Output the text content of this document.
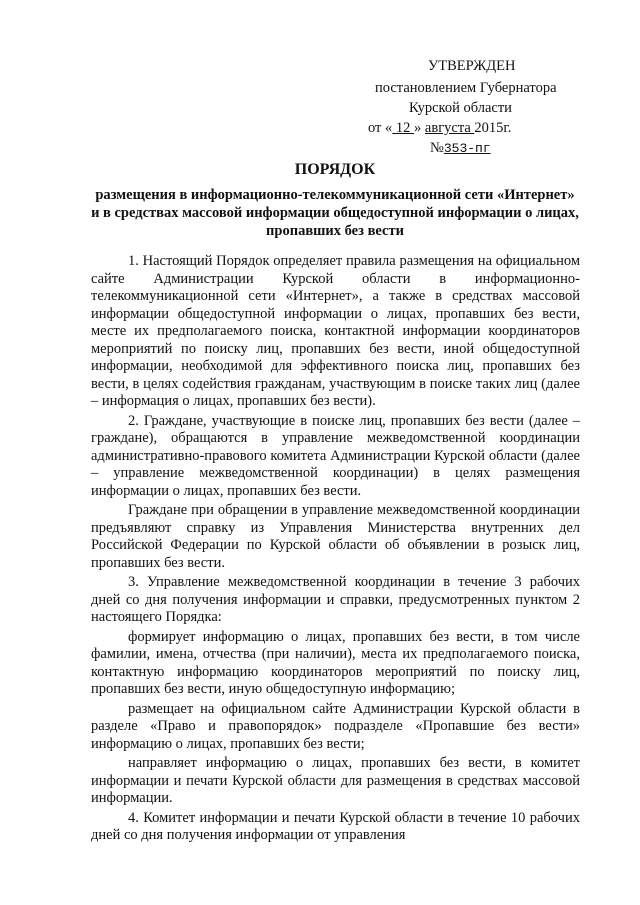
УТВЕРЖДЕН
постановлением Губернатора
Курской области
от « 12 » августа 2015г.
№353-пг
ПОРЯДОК
размещения в информационно-телекоммуникационной сети «Интернет» и в средствах массовой информации общедоступной информации о лицах, пропавших без вести

1. Настоящий Порядок определяет правила размещения на официальном сайте Администрации Курской области в информационно-телекоммуникационной сети «Интернет», а также в средствах массовой информации общедоступной информации о лицах, пропавших без вести, месте их предполагаемого поиска, контактной информации координаторов мероприятий по поиску лиц, пропавших без вести, иной общедоступной информации, необходимой для эффективного поиска лиц, пропавших без вести, в целях содействия гражданам, участвующим в поиске таких лиц (далее – информация о лицах, пропавших без вести).

2. Граждане, участвующие в поиске лиц, пропавших без вести (далее – граждане), обращаются в управление межведомственной координации административно-правового комитета Администрации Курской области (далее – управление межведомственной координации) в целях размещения информации о лицах, пропавших без вести.

Граждане при обращении в управление межведомственной координации предъявляют справку из Управления Министерства внутренних дел Российской Федерации по Курской области об объявлении в розыск лиц, пропавших без вести.

3. Управление межведомственной координации в течение 3 рабочих дней со дня получения информации и справки, предусмотренных пунктом 2 настоящего Порядка:

формирует информацию о лицах, пропавших без вести, в том числе фамилии, имена, отчества (при наличии), места их предполагаемого поиска, контактную информацию координаторов мероприятий по поиску лиц, пропавших без вести, иную общедоступную информацию;

размещает на официальном сайте Администрации Курской области в разделе «Право и правопорядок» подразделе «Пропавшие без вести» информацию о лицах, пропавших без вести;

направляет информацию о лицах, пропавших без вести, в комитет информации и печати Курской области для размещения в средствах массовой информации.

4. Комитет информации и печати Курской области в течение 10 рабочих дней со дня получения информации от управления
